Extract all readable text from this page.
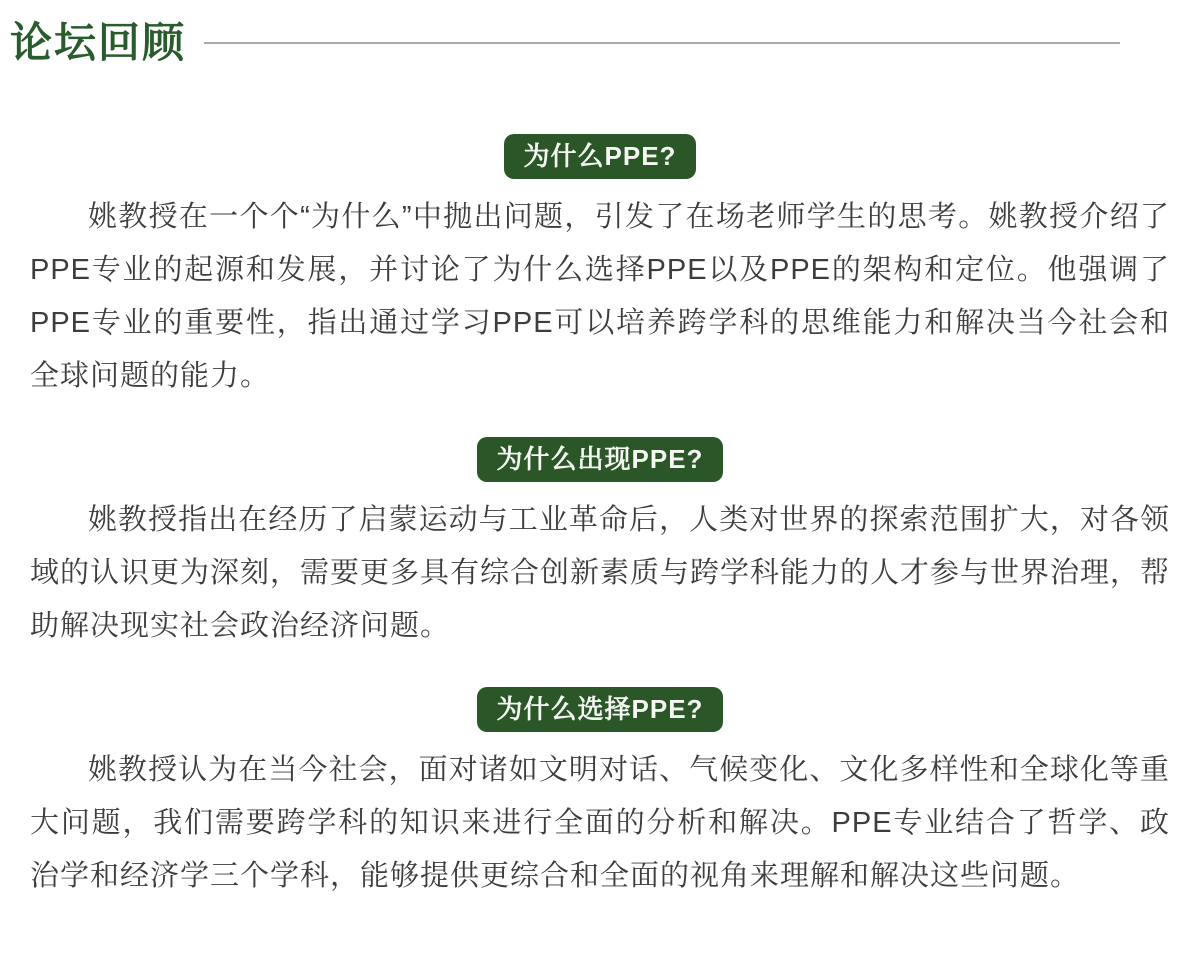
论坛回顾
为什么PPE?

姚教授在一个个“为什么”中抛出问题，引发了在场老师学生的思考。姚教授介绍了PPE专业的起源和发展，并讨论了为什么选择PPE以及PPE的架构和定位。他强调了PPE专业的重要性，指出通过学习PPE可以培养跨学科的思维能力和解决当今社会和全球问题的能力。

为什么出现PPE?

姚教授指出在经历了启蒙运动与工业革命后，人类对世界的探索范围扩大，对各领域的认识更为深刻，需要更多具有综合创新素质与跨学科能力的人才参与世界治理，帮助解决现实社会政治经济问题。

为什么选择PPE?

姚教授认为在当今社会，面对诸如文明对话、气候变化、文化多样性和全球化等重大问题，我们需要跨学科的知识来进行全面的分析和解决。PPE专业结合了哲学、政治学和经济学三个学科，能够提供更综合和全面的视角来理解和解决这些问题。
